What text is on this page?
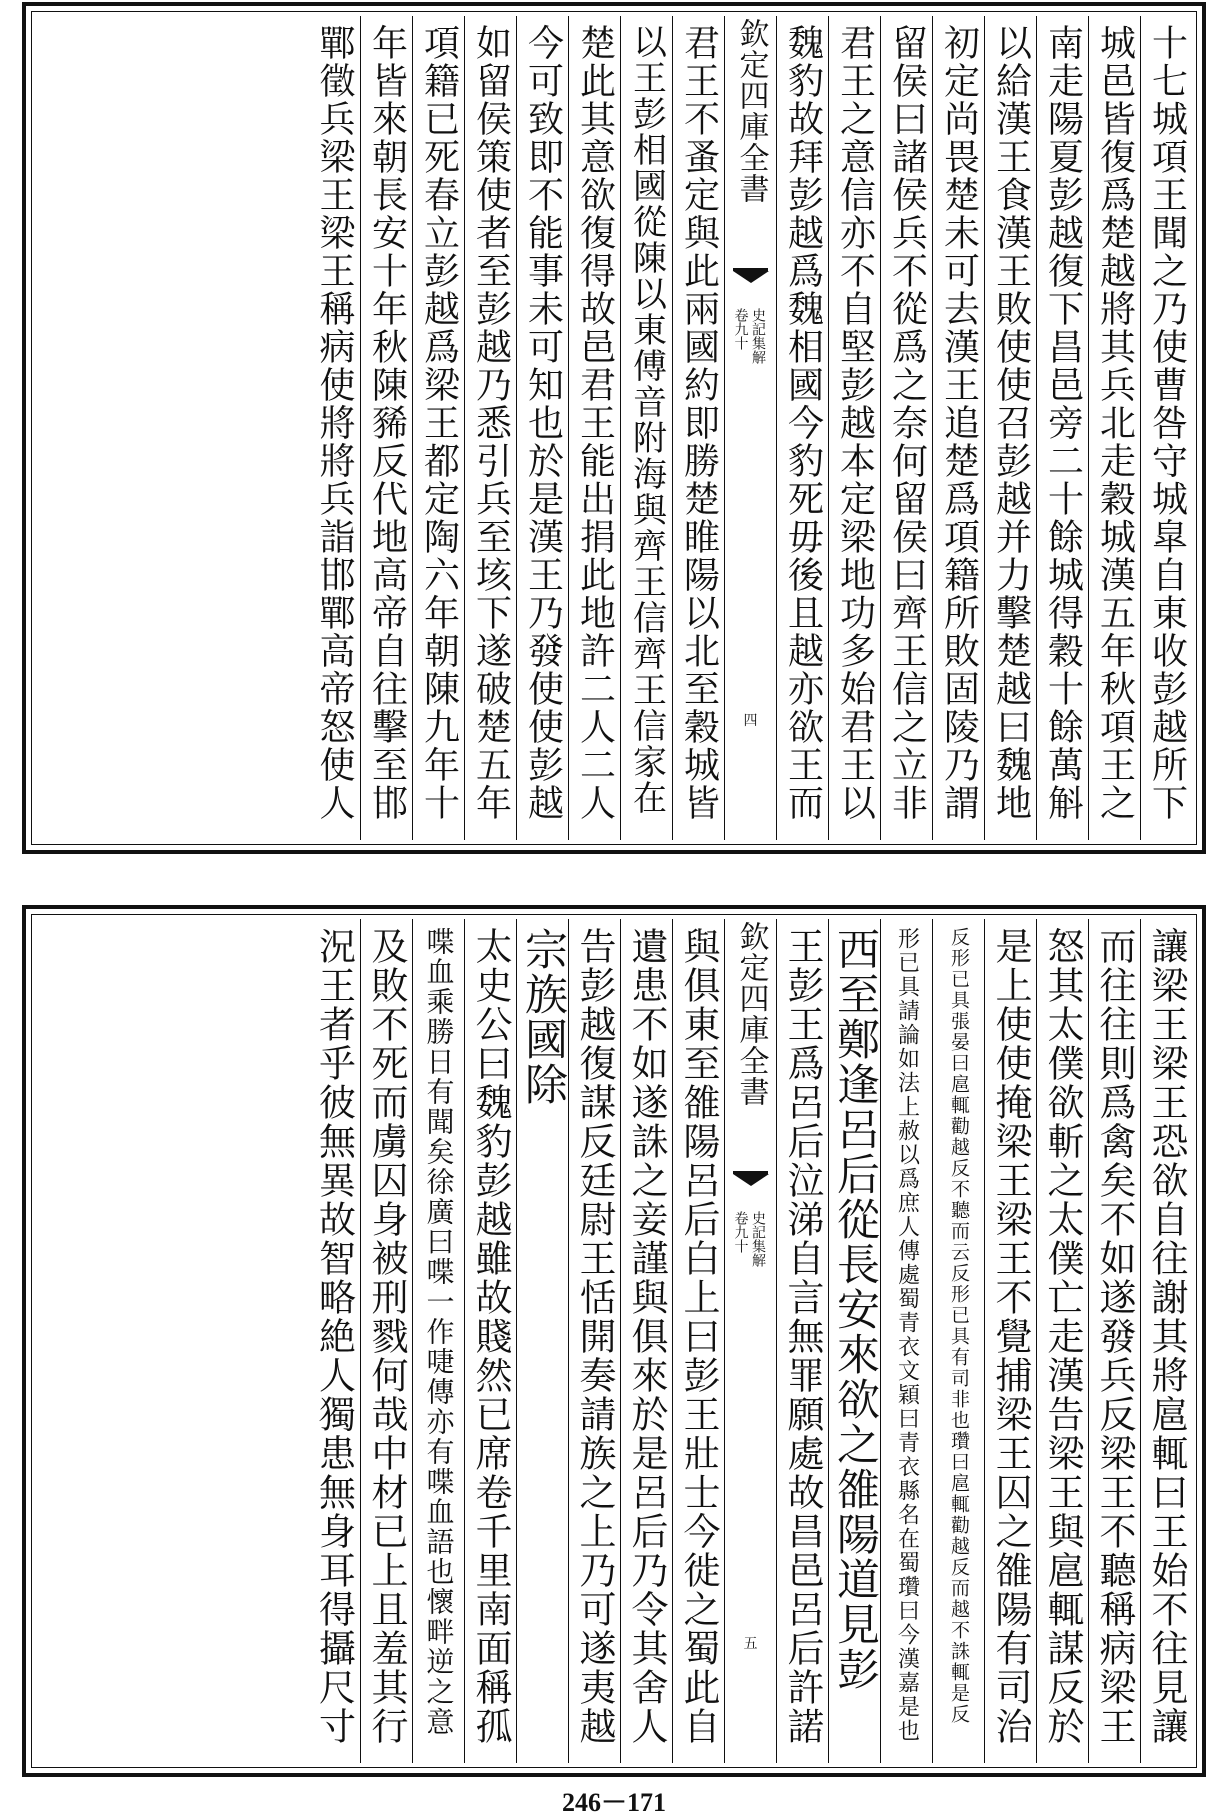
十七城項王聞之乃使曹咎守城皐自東收彭越所下
城邑皆復爲楚越將其兵北走穀城漢五年秋項王之
南走陽夏彭越復下昌邑旁二十餘城得穀十餘萬斛
以給漢王食漢王敗使使召彭越并力擊楚越曰魏地
初定尚畏楚未可去漢王追楚爲項籍所敗固陵乃謂
留侯曰諸侯兵不從爲之奈何留侯曰齊王信之立非
君王之意信亦不自堅彭越本定梁地功多始君王以
魏豹故拜彭越爲魏相國今豹死毋後且越亦欲王而
欽定四庫全書
史記集解
卷九十
四
君王不蚤定與此兩國約即勝楚睢陽以北至穀城皆
以王彭相國從陳以東傅音附海與齊王信齊王信家在
楚此其意欲復得故邑君王能出捐此地許二人二人
今可致即不能事未可知也於是漢王乃發使使彭越
如留侯策使者至彭越乃悉引兵至垓下遂破楚五年
項籍已死春立彭越爲梁王都定陶六年朝陳九年十
年皆來朝長安十年秋陳豨反代地高帝自往擊至邯
鄲徵兵梁王梁王稱病使將將兵詣邯鄲高帝怒使人
讓梁王梁王恐欲自往謝其將扈輒曰王始不往見讓
而往往則爲禽矣不如遂發兵反梁王不聽稱病梁王
怒其太僕欲斬之太僕亡走漢告梁王與扈輒謀反於
是上使使掩梁王梁王不覺捕梁王囚之雒陽有司治
反形已具張晏曰扈輒勸越反不聽而云反形已具有司非也瓚曰扈輒勸越反而越不誅輒是反
形已具請論如法上赦以爲庶人傳處蜀青衣文穎曰青衣縣名在蜀瓚曰今漢嘉是也
西至鄭逢呂后從長安來欲之雒陽道見彭
王彭王爲呂后泣涕自言無罪願處故昌邑呂后許諾
欽定四庫全書
史記集解
卷九十
五
與俱東至雒陽呂后白上曰彭王壯士今徙之蜀此自
遺患不如遂誅之妾謹與俱來於是呂后乃令其舍人
告彭越復謀反廷尉王恬開奏請族之上乃可遂夷越
宗族國除
太史公曰魏豹彭越雖故賤然已席卷千里南面稱孤
喋血乘勝日有聞矣徐廣曰喋一作啑傳亦有喋血語也懷畔逆之意
及敗不死而虜囚身被刑戮何哉中材已上且羞其行
況王者乎彼無異故智略絶人獨患無身耳得攝尺寸
246－171
